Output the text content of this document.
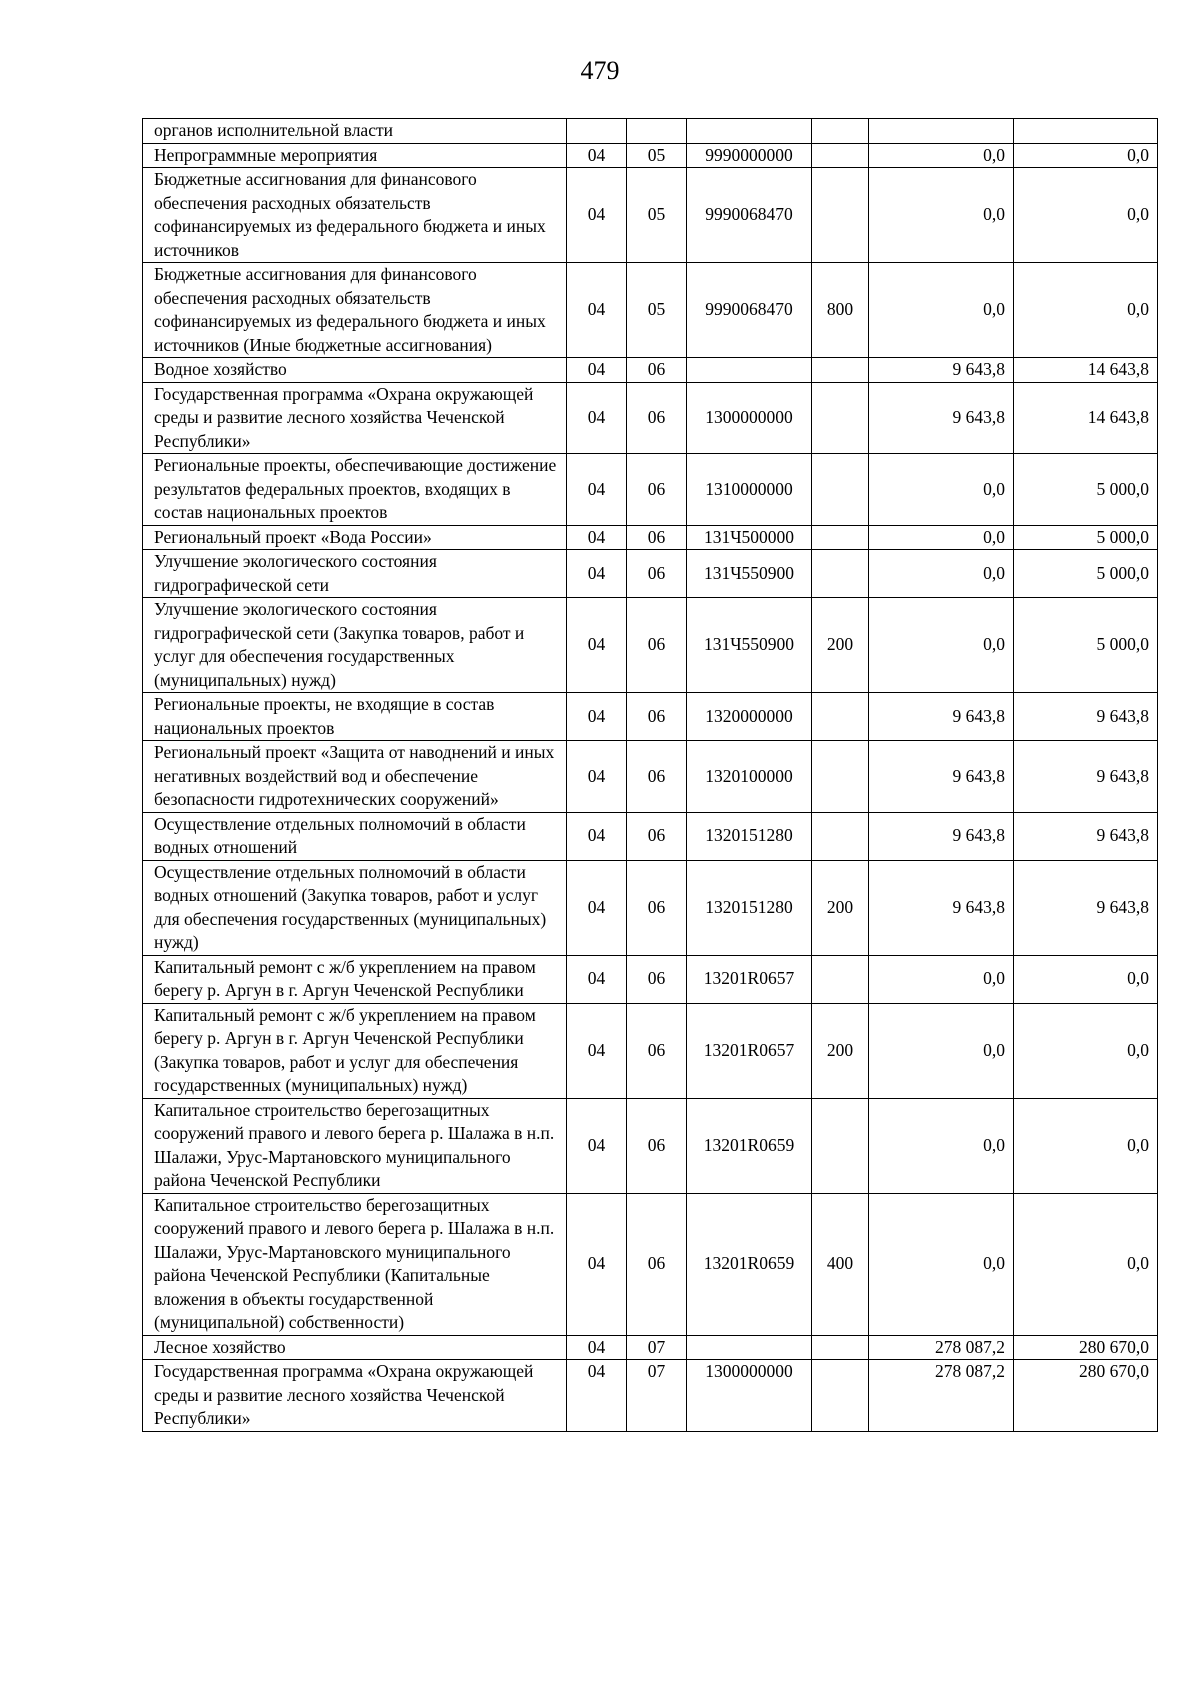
479
органов исполнительной власти						
Непрограммные мероприятия	04	05	9990000000		0,0	0,0
Бюджетные ассигнования для финансового обеспечения расходных обязательств софинансируемых из федерального бюджета и иных источников	04	05	9990068470		0,0	0,0
Бюджетные ассигнования для финансового обеспечения расходных обязательств софинансируемых из федерального бюджета и иных источников (Иные бюджетные ассигнования)	04	05	9990068470	800	0,0	0,0
Водное хозяйство	04	06			9 643,8	14 643,8
Государственная программа «Охрана окружающей среды и развитие лесного хозяйства Чеченской Республики»	04	06	1300000000		9 643,8	14 643,8
Региональные проекты, обеспечивающие достижение результатов федеральных проектов, входящих в состав национальных проектов	04	06	1310000000		0,0	5 000,0
Региональный проект «Вода России»	04	06	131Ч500000		0,0	5 000,0
Улучшение экологического состояния гидрографической сети	04	06	131Ч550900		0,0	5 000,0
Улучшение экологического состояния гидрографической сети (Закупка товаров, работ и услуг для обеспечения государственных (муниципальных) нужд)	04	06	131Ч550900	200	0,0	5 000,0
Региональные проекты, не входящие в состав национальных проектов	04	06	1320000000		9 643,8	9 643,8
Региональный проект «Защита от наводнений и иных негативных воздействий вод и обеспечение безопасности гидротехнических сооружений»	04	06	1320100000		9 643,8	9 643,8
Осуществление отдельных полномочий в области водных отношений	04	06	1320151280		9 643,8	9 643,8
Осуществление отдельных полномочий в области водных отношений (Закупка товаров, работ и услуг для обеспечения государственных (муниципальных) нужд)	04	06	1320151280	200	9 643,8	9 643,8
Капитальный ремонт с ж/б укреплением на правом берегу р. Аргун в г. Аргун Чеченской Республики	04	06	13201R0657		0,0	0,0
Капитальный ремонт с ж/б укреплением на правом берегу р. Аргун в г. Аргун Чеченской Республики (Закупка товаров, работ и услуг для обеспечения государственных (муниципальных) нужд)	04	06	13201R0657	200	0,0	0,0
Капитальное строительство берегозащитных сооружений правого и левого берега р. Шалажа в н.п. Шалажи, Урус-Мартановского муниципального района Чеченской Республики	04	06	13201R0659		0,0	0,0
Капитальное строительство берегозащитных сооружений правого и левого берега р. Шалажа в н.п. Шалажи, Урус-Мартановского муниципального района Чеченской Республики (Капитальные вложения в объекты государственной (муниципальной) собственности)	04	06	13201R0659	400	0,0	0,0
Лесное хозяйство	04	07			278 087,2	280 670,0
Государственная программа «Охрана окружающей среды и развитие лесного хозяйства Чеченской Республики»	04	07	1300000000		278 087,2	280 670,0
